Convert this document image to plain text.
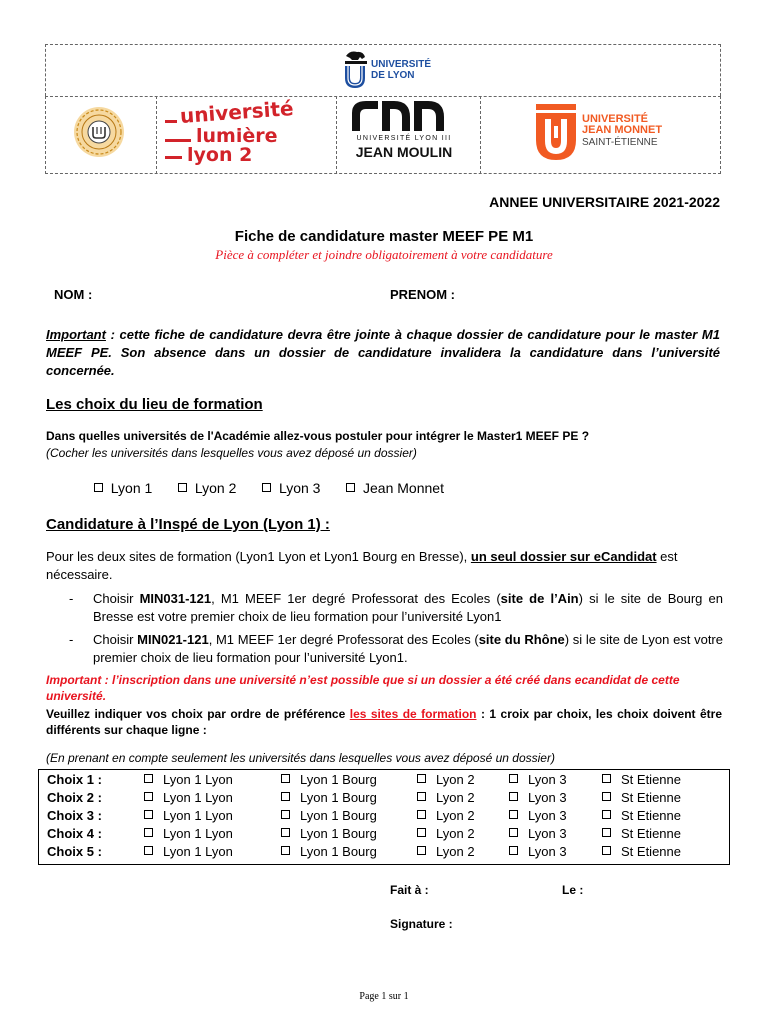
UNIVERSITÉ
DE LYON
université
lumière
lyon 2
UNIVERSITÉ LYON III
JEAN MOULIN
UNIVERSITÉ
JEAN MONNET
SAINT-ÉTIENNE
ANNEE UNIVERSITAIRE 2021-2022
Fiche de candidature master MEEF PE M1
Pièce à compléter et joindre obligatoirement à votre candidature
NOM :	PRENOM :
Important : cette fiche de candidature devra être jointe à chaque dossier de candidature pour le master M1 MEEF PE. Son absence dans un dossier de candidature invalidera la candidature dans l’université concernée.
Les choix du lieu de formation
Dans quelles universités de l'Académie allez-vous postuler pour intégrer le Master1 MEEF PE ?
(Cocher les universités dans lesquelles vous avez déposé un dossier)
Lyon 1	Lyon 2	Lyon 3	Jean Monnet
Candidature à l’Inspé de Lyon (Lyon 1) :
Pour les deux sites de formation (Lyon1 Lyon et Lyon1 Bourg en Bresse), un seul dossier sur eCandidat est nécessaire.
- Choisir MIN031-121, M1 MEEF 1er degré Professorat des Ecoles (site de l’Ain) si le site de Bourg en Bresse est votre premier choix de lieu formation pour l’université Lyon1
- Choisir MIN021-121, M1 MEEF 1er degré Professorat des Ecoles (site du Rhône) si le site de Lyon est votre premier choix de lieu formation pour l’université Lyon1.
Important : l’inscription dans une université n’est possible que si un dossier a été créé dans ecandidat de cette université.
Veuillez indiquer vos choix par ordre de préférence les sites de formation : 1 croix par choix, les choix doivent être différents sur chaque ligne :
(En prenant en compte seulement les universités dans lesquelles vous avez déposé un dossier)
Choix 1 :	Lyon 1 Lyon	Lyon 1 Bourg	Lyon 2	Lyon 3	St Etienne
Choix 2 :	Lyon 1 Lyon	Lyon 1 Bourg	Lyon 2	Lyon 3	St Etienne
Choix 3 :	Lyon 1 Lyon	Lyon 1 Bourg	Lyon 2	Lyon 3	St Etienne
Choix 4 :	Lyon 1 Lyon	Lyon 1 Bourg	Lyon 2	Lyon 3	St Etienne
Choix 5 :	Lyon 1 Lyon	Lyon 1 Bourg	Lyon 2	Lyon 3	St Etienne
Fait à :	Le :
Signature :
Page 1 sur 1
